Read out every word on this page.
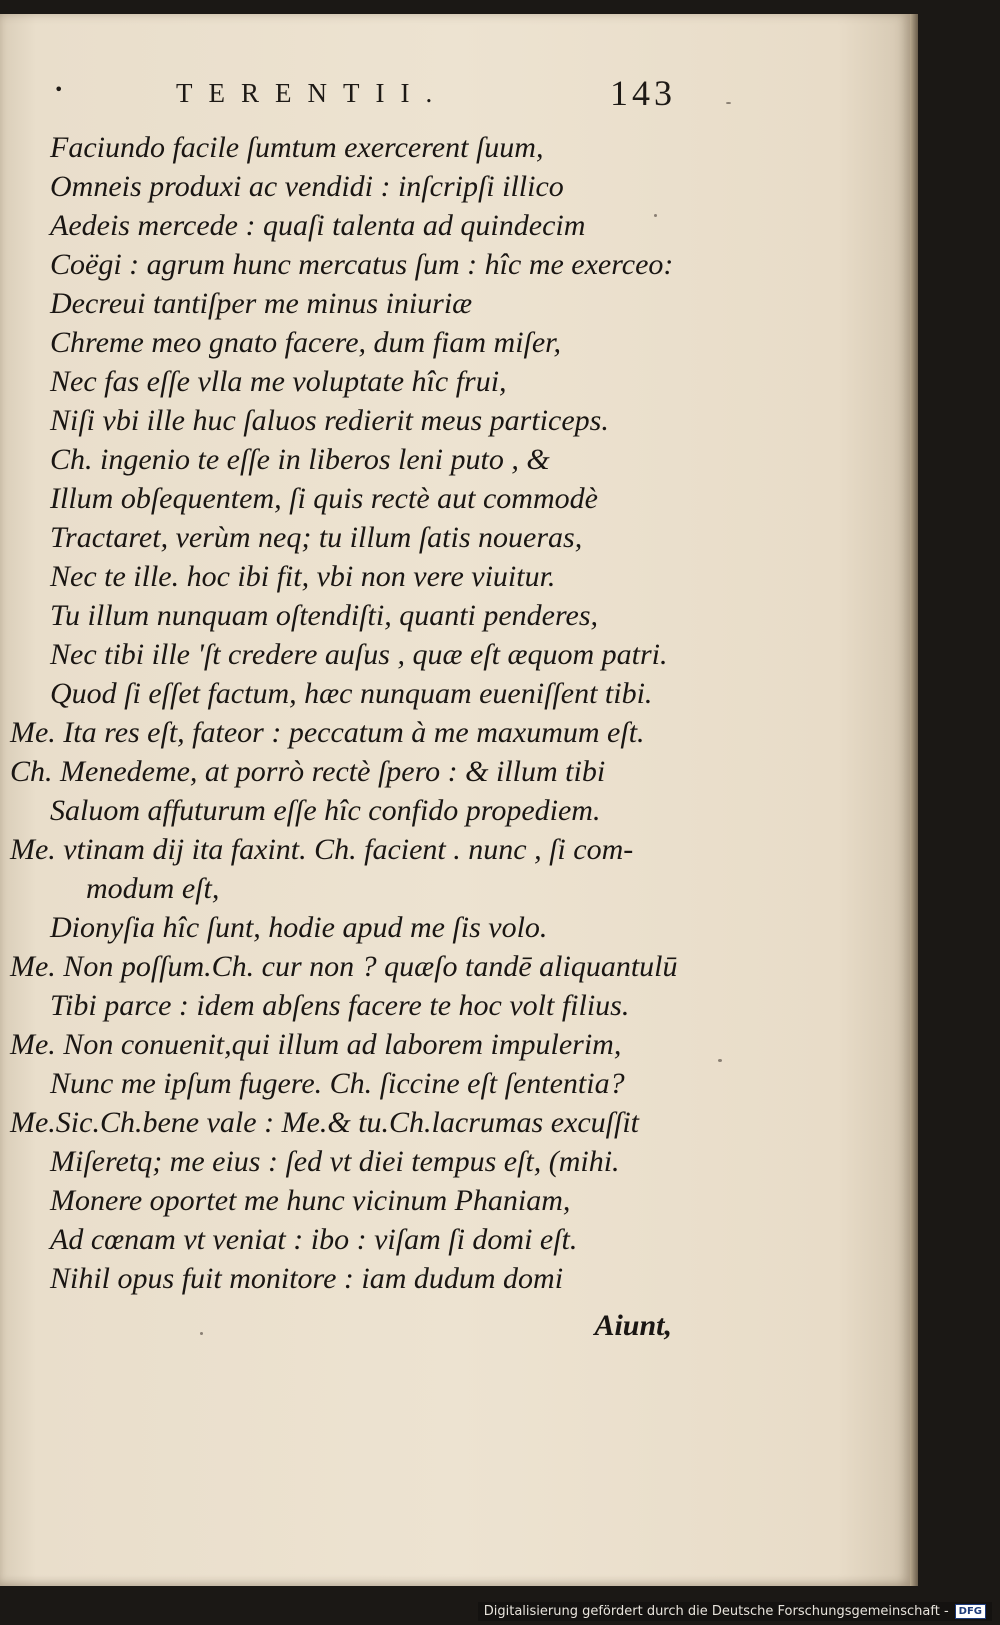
•	TERENTII.	143
Faciundo facile ſumtum exercerent ſuum,
Omneis produxi ac vendidi : inſcripſi illico
Aedeis mercede : quaſi talenta ad quindecim
Coëgi : agrum hunc mercatus ſum : hîc me exerceo:
Decreui tantiſper me minus iniuriæ
Chreme meo gnato facere, dum fiam miſer,
Nec fas eſſe vlla me voluptate hîc frui,
Niſi vbi ille huc ſaluos redierit meus particeps.
Ch. ingenio te eſſe in liberos leni puto , &
Illum obſequentem, ſi quis rectè aut commodè
Tractaret, verùm neq; tu illum ſatis noueras,
Nec te ille. hoc ibi fit, vbi non vere viuitur.
Tu illum nunquam oſtendiſti, quanti penderes,
Nec tibi ille 'ſt credere auſus , quæ eſt æquom patri.
Quod ſi eſſet factum, hæc nunquam eueniſſent tibi.
Me. Ita res eſt, fateor : peccatum à me maxumum eſt.
Ch. Menedeme, at porrò rectè ſpero : & illum tibi
Saluom affuturum eſſe hîc confido propediem.
Me. vtinam dij ita faxint. Ch. facient . nunc , ſi com-
modum eſt,
Dionyſia hîc ſunt, hodie apud me ſis volo.
Me. Non poſſum.Ch. cur non ? quæſo tandē aliquantulū
Tibi parce : idem abſens facere te hoc volt filius.
Me. Non conuenit,qui illum ad laborem impulerim,
Nunc me ipſum fugere. Ch. ſiccine eſt ſententia?
Me.Sic.Ch.bene vale : Me.& tu.Ch.lacrumas excuſſit
Miſeretq; me eius : ſed vt diei tempus eſt, (mihi.
Monere oportet me hunc vicinum Phaniam,
Ad cœnam vt veniat : ibo : viſam ſi domi eſt.
Nihil opus fuit monitore : iam dudum domi
Aiunt,
Digitalisierung gefördert durch die Deutsche Forschungsgemeinschaft -	DFG
